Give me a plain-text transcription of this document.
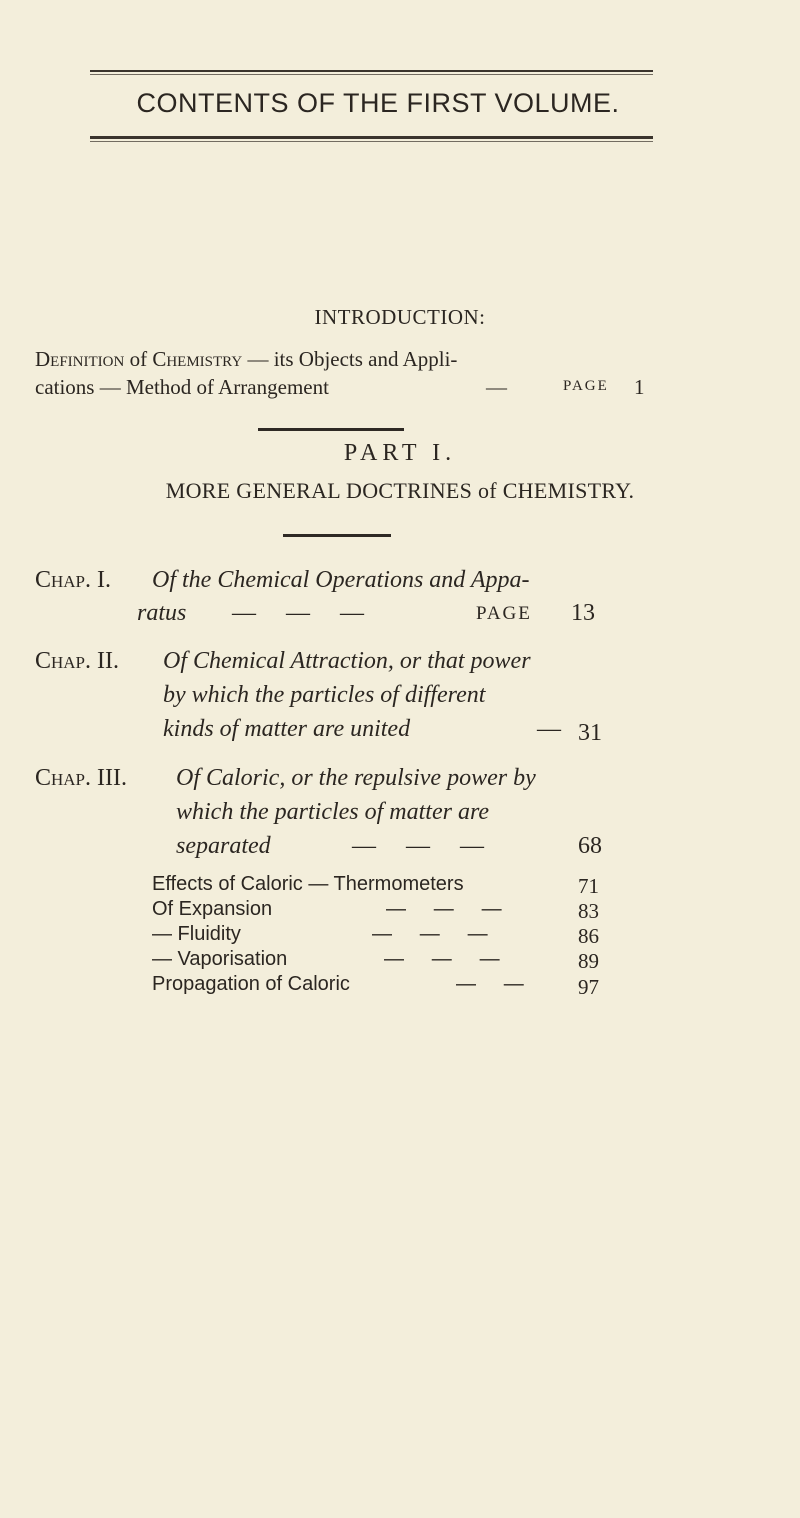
CONTENTS OF THE FIRST VOLUME.
INTRODUCTION:
Definition of Chemistry — its Objects and Appli-
cations — Method of Arrangement	—	PAGE 1
PART I.
MORE GENERAL DOCTRINES of CHEMISTRY.
Chap. I. Of the Chemical Operations and Appa-
ratus —     —     —	PAGE 13
Chap. II. Of Chemical Attraction, or that power
by which the particles of different
kinds of matter are united	— 31
Chap. III. Of Caloric, or the repulsive power by
which the particles of matter are
separated	—     —     —	68
Effects of Caloric — Thermometers	71
Of Expansion	—     —     —	83
— Fluidity	—     —     —	86
— Vaporisation	—     —     —	89
Propagation of Caloric	—     —	97
